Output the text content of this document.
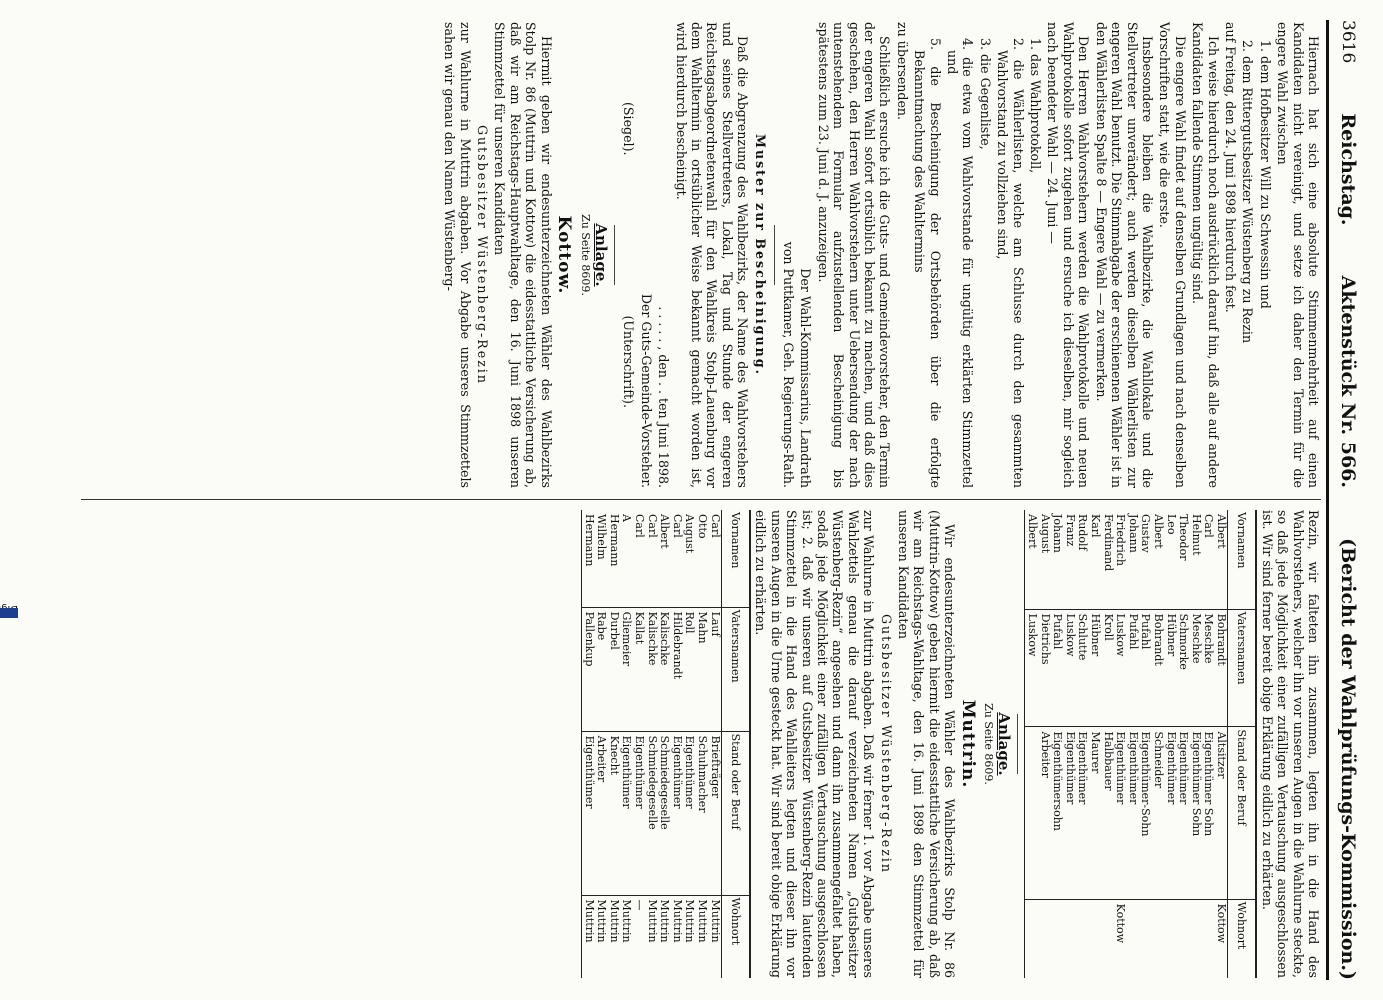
3616
Reichstag.
Aktenstück Nr. 566.
(Bericht der Wahlprüfungs-Kommission.)

Hiernach hat sich eine absolute Stimmenmehrheit auf einen Kandidaten nicht vereinigt, und setze ich daher den Termin für die engere Wahl zwischen

1. dem Hofbesitzer Will zu Schwessin und

2. dem Rittergutsbesitzer Wüstenberg zu Rezin

auf Freitag, den 24. Juni 1898 hierdurch fest.

Ich weise hierdurch noch ausdrücklich darauf hin, daß alle auf andere Kandidaten fallende Stimmen ungültig sind.

Die engere Wahl findet auf denselben Grundlagen und nach denselben Vorschriften statt, wie die erste.

Insbesondere bleiben die Wahlbezirke, die Wahllokale und die Stellvertreter unverändert; auch werden dieselben Wählerlisten zur engeren Wahl benutzt. Die Stimmabgabe der erschienenen Wähler ist in den Wählerlisten Spalte 8 — Engere Wahl — zu vermerken.

Den Herren Wahlvorstehern werden die Wahlprotokolle und neuen Wahlprotokolle sofort zugehen und ersuche ich dieselben, mir sogleich nach beendeter Wahl — 24. Juni —

1. das Wahlprotokoll,

2. die Wählerlisten, welche am Schlusse durch den gesammten Wahlvorstand zu vollziehen sind,

3. die Gegenliste,

4. die etwa vom Wahlvorstande für ungültig erklärten Stimmzettel und

5. die Bescheinigung der Ortsbehörden über die erfolgte Bekanntmachung des Wahltermins

zu übersenden.

Schließlich ersuche ich die Guts- und Gemeindevorsteher, den Termin der engeren Wahl sofort ortsüblich bekannt zu machen, und daß dies geschehen, den Herren Wahlvorstehern unter Uebersendung der nach untenstehendem Formular aufzustellenden Bescheinigung bis spätestens zum 23. Juni d. J. anzuzeigen.

Der Wahl-Kommissarius, Landrath

von Puttkamer, Geh. Regierungs-Rath.

Muster zur Bescheinigung.

Daß die Abgrenzung des Wahlbezirks, der Name des Wahlvorstehers und seines Stellvertreters, Lokal, Tag und Stunde der engeren Reichstagsabgeordnetenwahl für den Wahlkreis Stolp-Lauenburg vor dem Wahltermin in ortsüblicher Weise bekannt gemacht worden ist, wird hierdurch bescheinigt.

. . . . . , den . . ten Juni 1898.

Der Guts-Gemeinde-Vorsteher.

(Siegel).
(Unterschrift).
Anlage.
Zu Seite 8609.
Kottow.

Hiermit geben wir endesunterzeichneten Wähler des Wahlbezirks Stolp Nr. 86 (Muttrin und Kottow) die eidesstattliche Versicherung ab, daß wir am Reichstags-Hauptwahltage, den 16. Juni 1898 unseren Stimmzettel für unseren Kandidaten

Gutsbesitzer Wüstenberg-Rezin

zur Wahlurne in Muttrin abgaben. Vor Abgabe unseres Stimmzettels sahen wir genau den Namen Wüstenberg-

Rezin, wir falteten ihn zusammen, legten ihn in die Hand des Wahlvorstehers, welcher ihn vor unseren Augen in die Wahlurne steckte, so daß jede Möglichkeit einer zufälligen Vertauschung ausgeschlossen ist. Wir sind ferner bereit obige Erklärung eidlich zu erhärten.

Vornamen	Vatersnamen	Stand oder Beruf	Wohnort
Albert	Bohrandt	Altsitzer	Kottow
Carl	Meschke	Eigenthümer Sohn	
Helmut	Meschke	Eigenthümer Sohn	
Theodor	Schmorke	Eigenthümer	
Leo	Hübner	Eigenthümer	
Albert	Bohrandt	Schneider	
Gustav	Pufahl	Eigenthümer-Sohn	
Johann	Pufahl	Eigenthümer	
Friedrich	Luskow	Eigenthümer	Kottow
Ferdinand	Kroll	Halbbauer	
Karl	Hübner	Maurer	
Rudolf	Schlutte	Eigenthümer	
Franz	Luskow	Eigenthümer	
Johann	Pufahl	Eigenthümersohn	
August	Dietrichs	Arbeiter	
Albert	Luskow		
Anlage.
Zu Seite 8609.
Muttrin.

Wir endesunterzeichneten Wähler des Wahlbezirks Stolp Nr. 86 (Muttrin-Kottow) geben hiermit die eidesstattliche Versicherung ab, daß wir am Reichstags-Wahltage, den 16. Juni 1898 den Stimmzettel für unseren Kandidaten

Gutsbesitzer Wüstenberg-Rezin

zur Wahlurne in Muttrin abgaben. Daß wir ferner 1. vor Abgabe unseres Wahlzettels genau die darauf verzeichneten Namen „Gutsbesitzer Wüstenberg-Rezin“ angesehen und dann ihn zusammengefaltet haben, sodaß jede Möglichkeit einer zufälligen Vertauschung ausgeschlossen ist; 2. daß wir unseren auf Gutsbesitzer Wüstenberg-Rezin lautenden Stimmzettel in die Hand des Wahlleiters legten und dieser ihn vor unseren Augen in die Urne gesteckt hat. Wir sind bereit obige Erklärung eidlich zu erhärten.

Vornamen	Vatersnamen	Stand oder Beruf	Wohnort
Carl	Lauf	Briefträger	Muttrin
Otto	Mahn	Schuhmacher	Muttrin
August	Roll	Eigenthümer	Muttrin
Carl	Hildebrandt	Eigenthümer	Muttrin
Albert	Kalischke	Schmiedegeselle	Muttrin
Carl	Kalischke	Schmiedegeselle	Muttrin
Carl	Kallat	Eigenthümer	—
A	Gliemeier	Eigenthümer	Muttrin
Hermann	Durbel	Knecht	Muttrin
Wilhelm	Rabe	Arbeiter	Muttrin
Hermann	Pallenkup	Eigenthümer	Muttrin
